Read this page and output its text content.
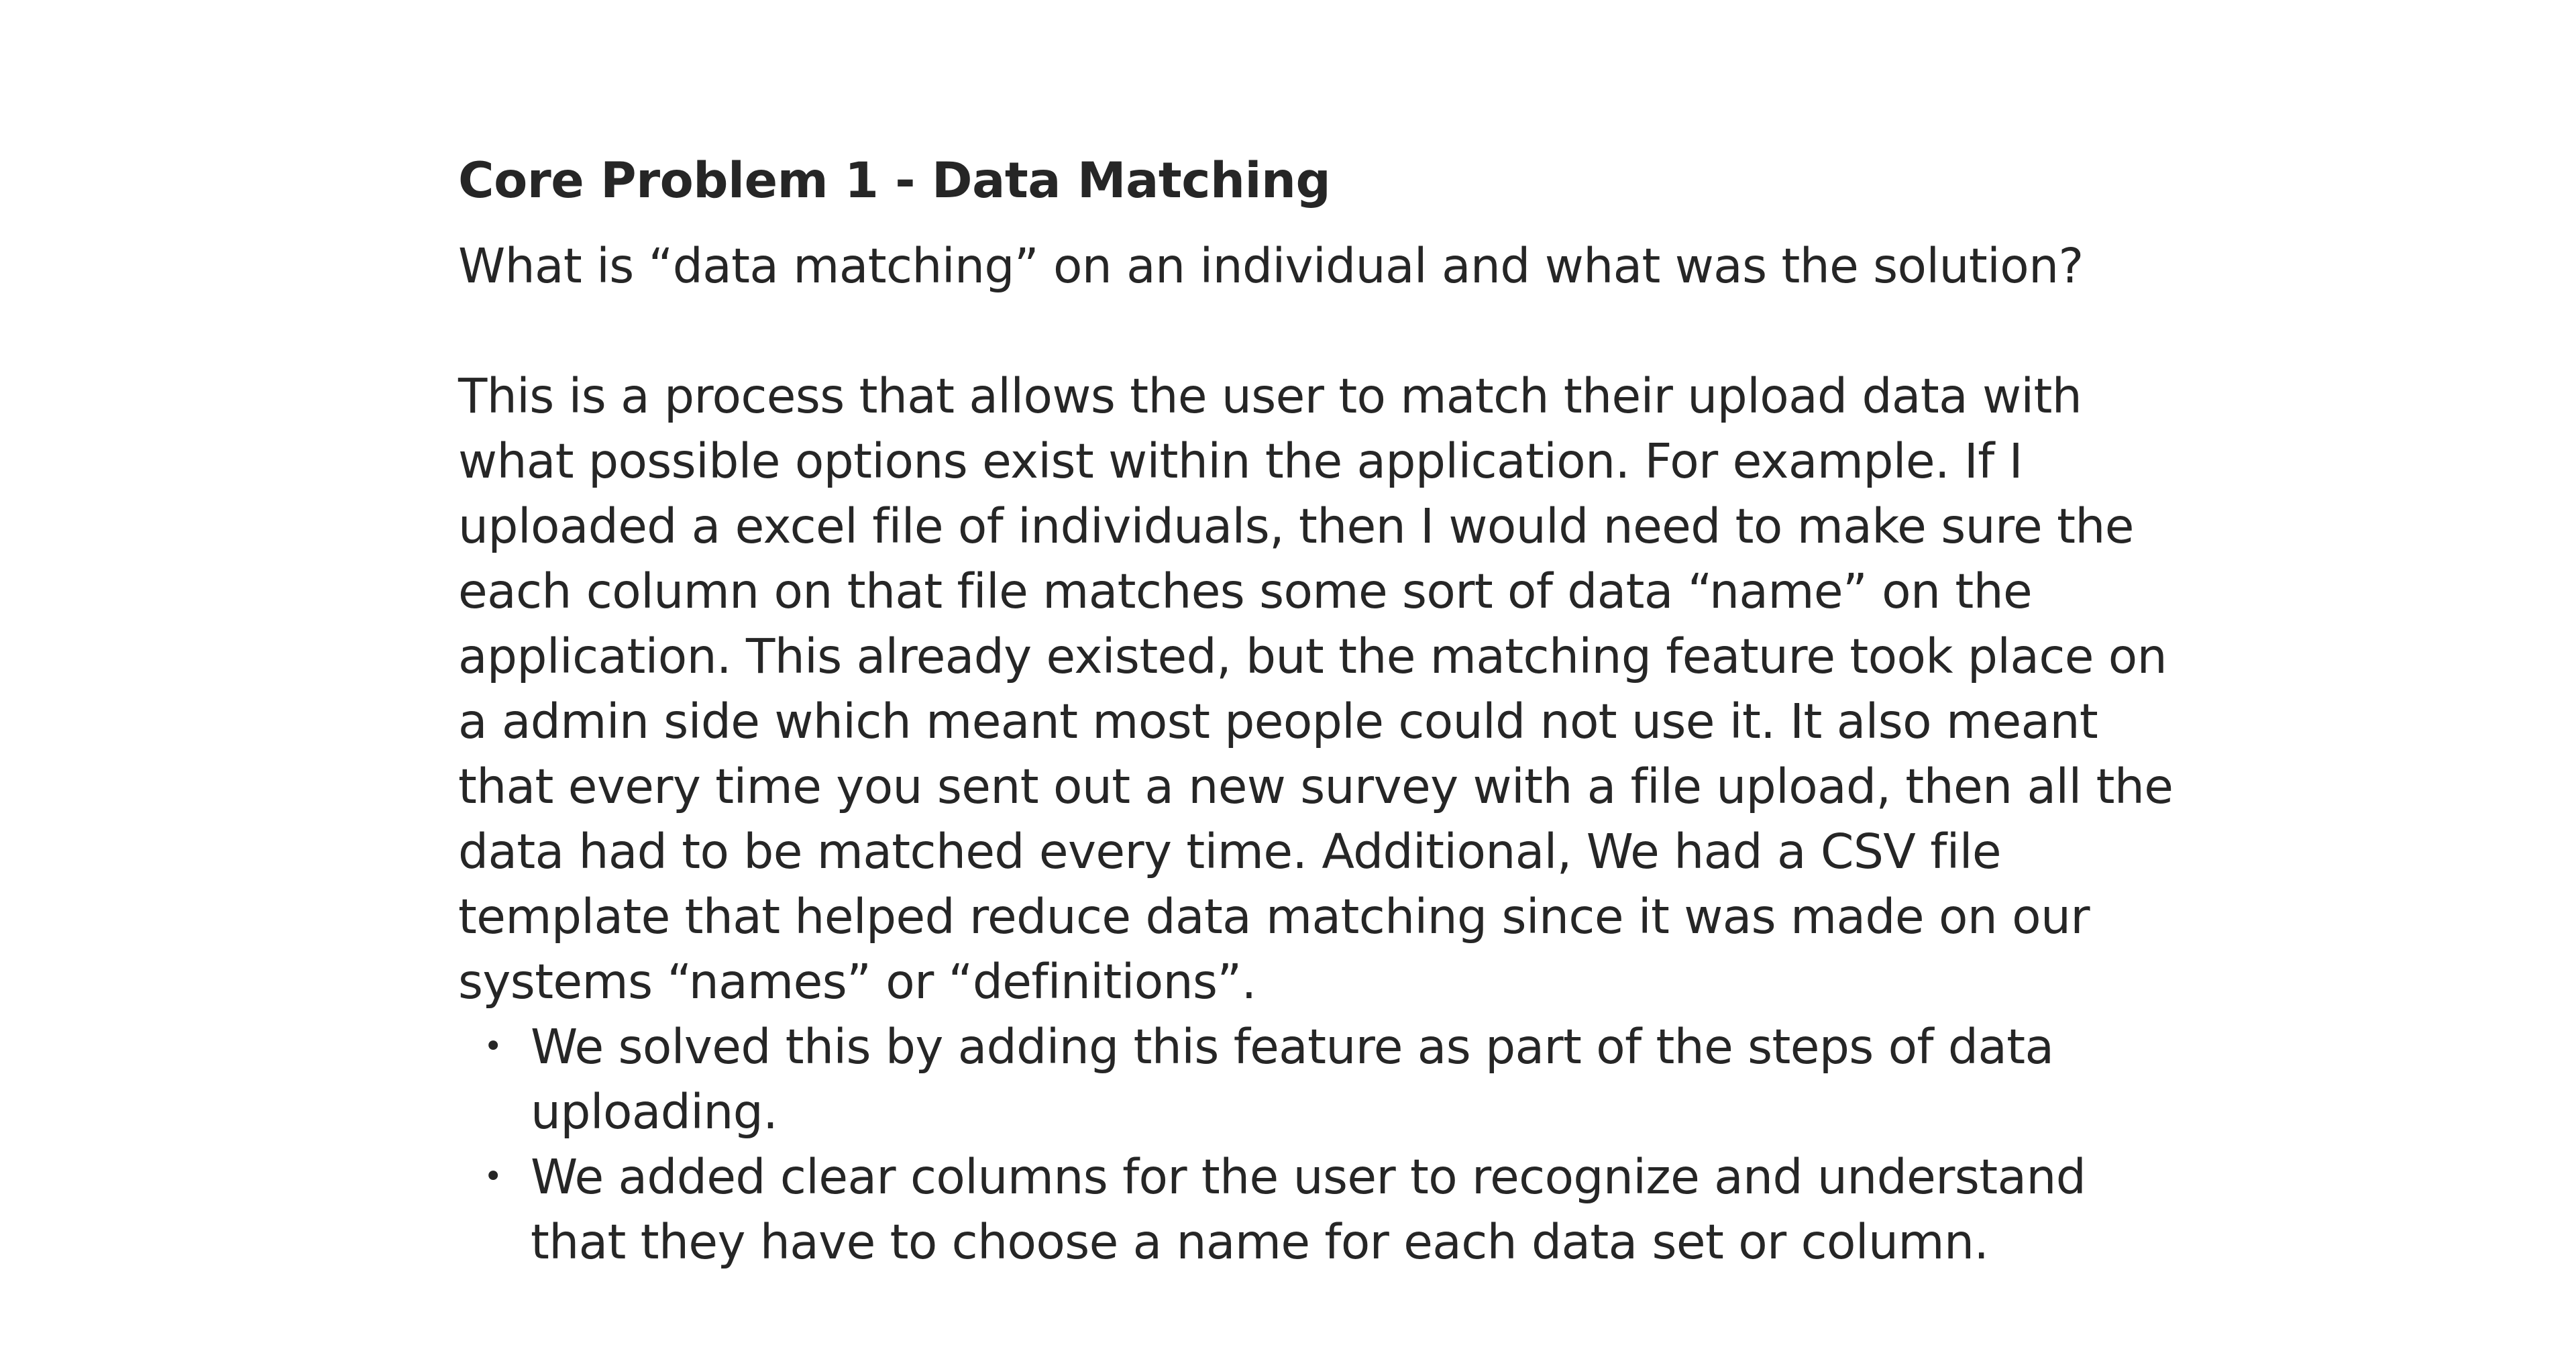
Core Problem 1 - Data Matching

What is “data matching” on an individual and what was the solution?

This is a process that allows the user to match their upload data with what possible options exist within the application. For example. If I uploaded a excel file of individuals, then I would need to make sure the each column on that file matches some sort of data “name” on the application. This already existed, but the matching feature took place on a admin side which meant most people could not use it. It also meant that every time you sent out a new survey with a file upload, then all the data had to be matched every time. Additional, We had a CSV file template that helped reduce data matching since it was made on our systems “names” or “definitions”.

• We solved this by adding this feature as part of the steps of data uploading.
• We added clear columns for the user to recognize and understand that they have to choose a name for each data set or column.
